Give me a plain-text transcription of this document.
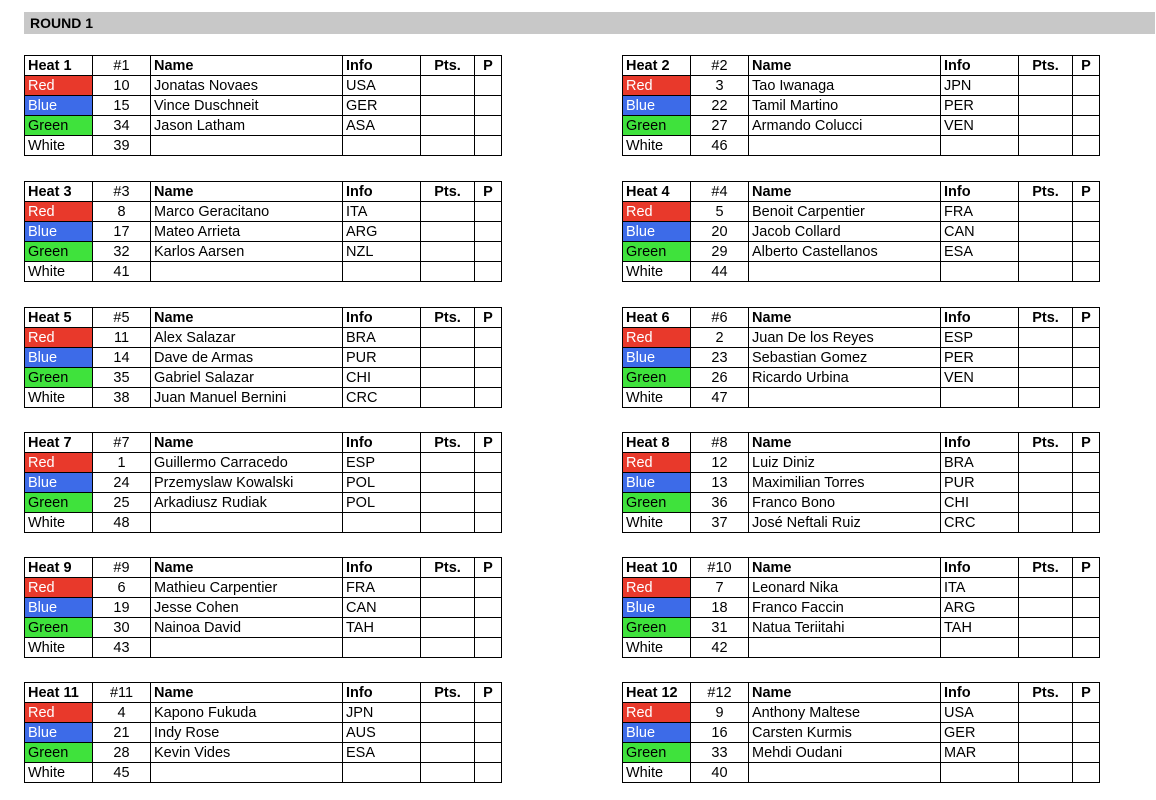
ROUND 1
Heat 1	#1	Name	Info	Pts.	P
Red	10	Jonatas Novaes	USA		
Blue	15	Vince Duschneit	GER		
Green	34	Jason Latham	ASA		
White	39				
Heat 2	#2	Name	Info	Pts.	P
Red	3	Tao Iwanaga	JPN		
Blue	22	Tamil Martino	PER		
Green	27	Armando Colucci	VEN		
White	46				
Heat 3	#3	Name	Info	Pts.	P
Red	8	Marco Geracitano	ITA		
Blue	17	Mateo Arrieta	ARG		
Green	32	Karlos Aarsen	NZL		
White	41				
Heat 4	#4	Name	Info	Pts.	P
Red	5	Benoit Carpentier	FRA		
Blue	20	Jacob Collard	CAN		
Green	29	Alberto Castellanos	ESA		
White	44				
Heat 5	#5	Name	Info	Pts.	P
Red	11	Alex Salazar	BRA		
Blue	14	Dave de Armas	PUR		
Green	35	Gabriel Salazar	CHI		
White	38	Juan Manuel Bernini	CRC		
Heat 6	#6	Name	Info	Pts.	P
Red	2	Juan De los Reyes	ESP		
Blue	23	Sebastian Gomez	PER		
Green	26	Ricardo Urbina	VEN		
White	47				
Heat 7	#7	Name	Info	Pts.	P
Red	1	Guillermo Carracedo	ESP		
Blue	24	Przemyslaw Kowalski	POL		
Green	25	Arkadiusz Rudiak	POL		
White	48				
Heat 8	#8	Name	Info	Pts.	P
Red	12	Luiz Diniz	BRA		
Blue	13	Maximilian Torres	PUR		
Green	36	Franco Bono	CHI		
White	37	José Neftali Ruiz	CRC		
Heat 9	#9	Name	Info	Pts.	P
Red	6	Mathieu Carpentier	FRA		
Blue	19	Jesse Cohen	CAN		
Green	30	Nainoa David	TAH		
White	43				
Heat 10	#10	Name	Info	Pts.	P
Red	7	Leonard Nika	ITA		
Blue	18	Franco Faccin	ARG		
Green	31	Natua Teriitahi	TAH		
White	42				
Heat 11	#11	Name	Info	Pts.	P
Red	4	Kapono Fukuda	JPN		
Blue	21	Indy Rose	AUS		
Green	28	Kevin Vides	ESA		
White	45				
Heat 12	#12	Name	Info	Pts.	P
Red	9	Anthony Maltese	USA		
Blue	16	Carsten Kurmis	GER		
Green	33	Mehdi Oudani	MAR		
White	40				
